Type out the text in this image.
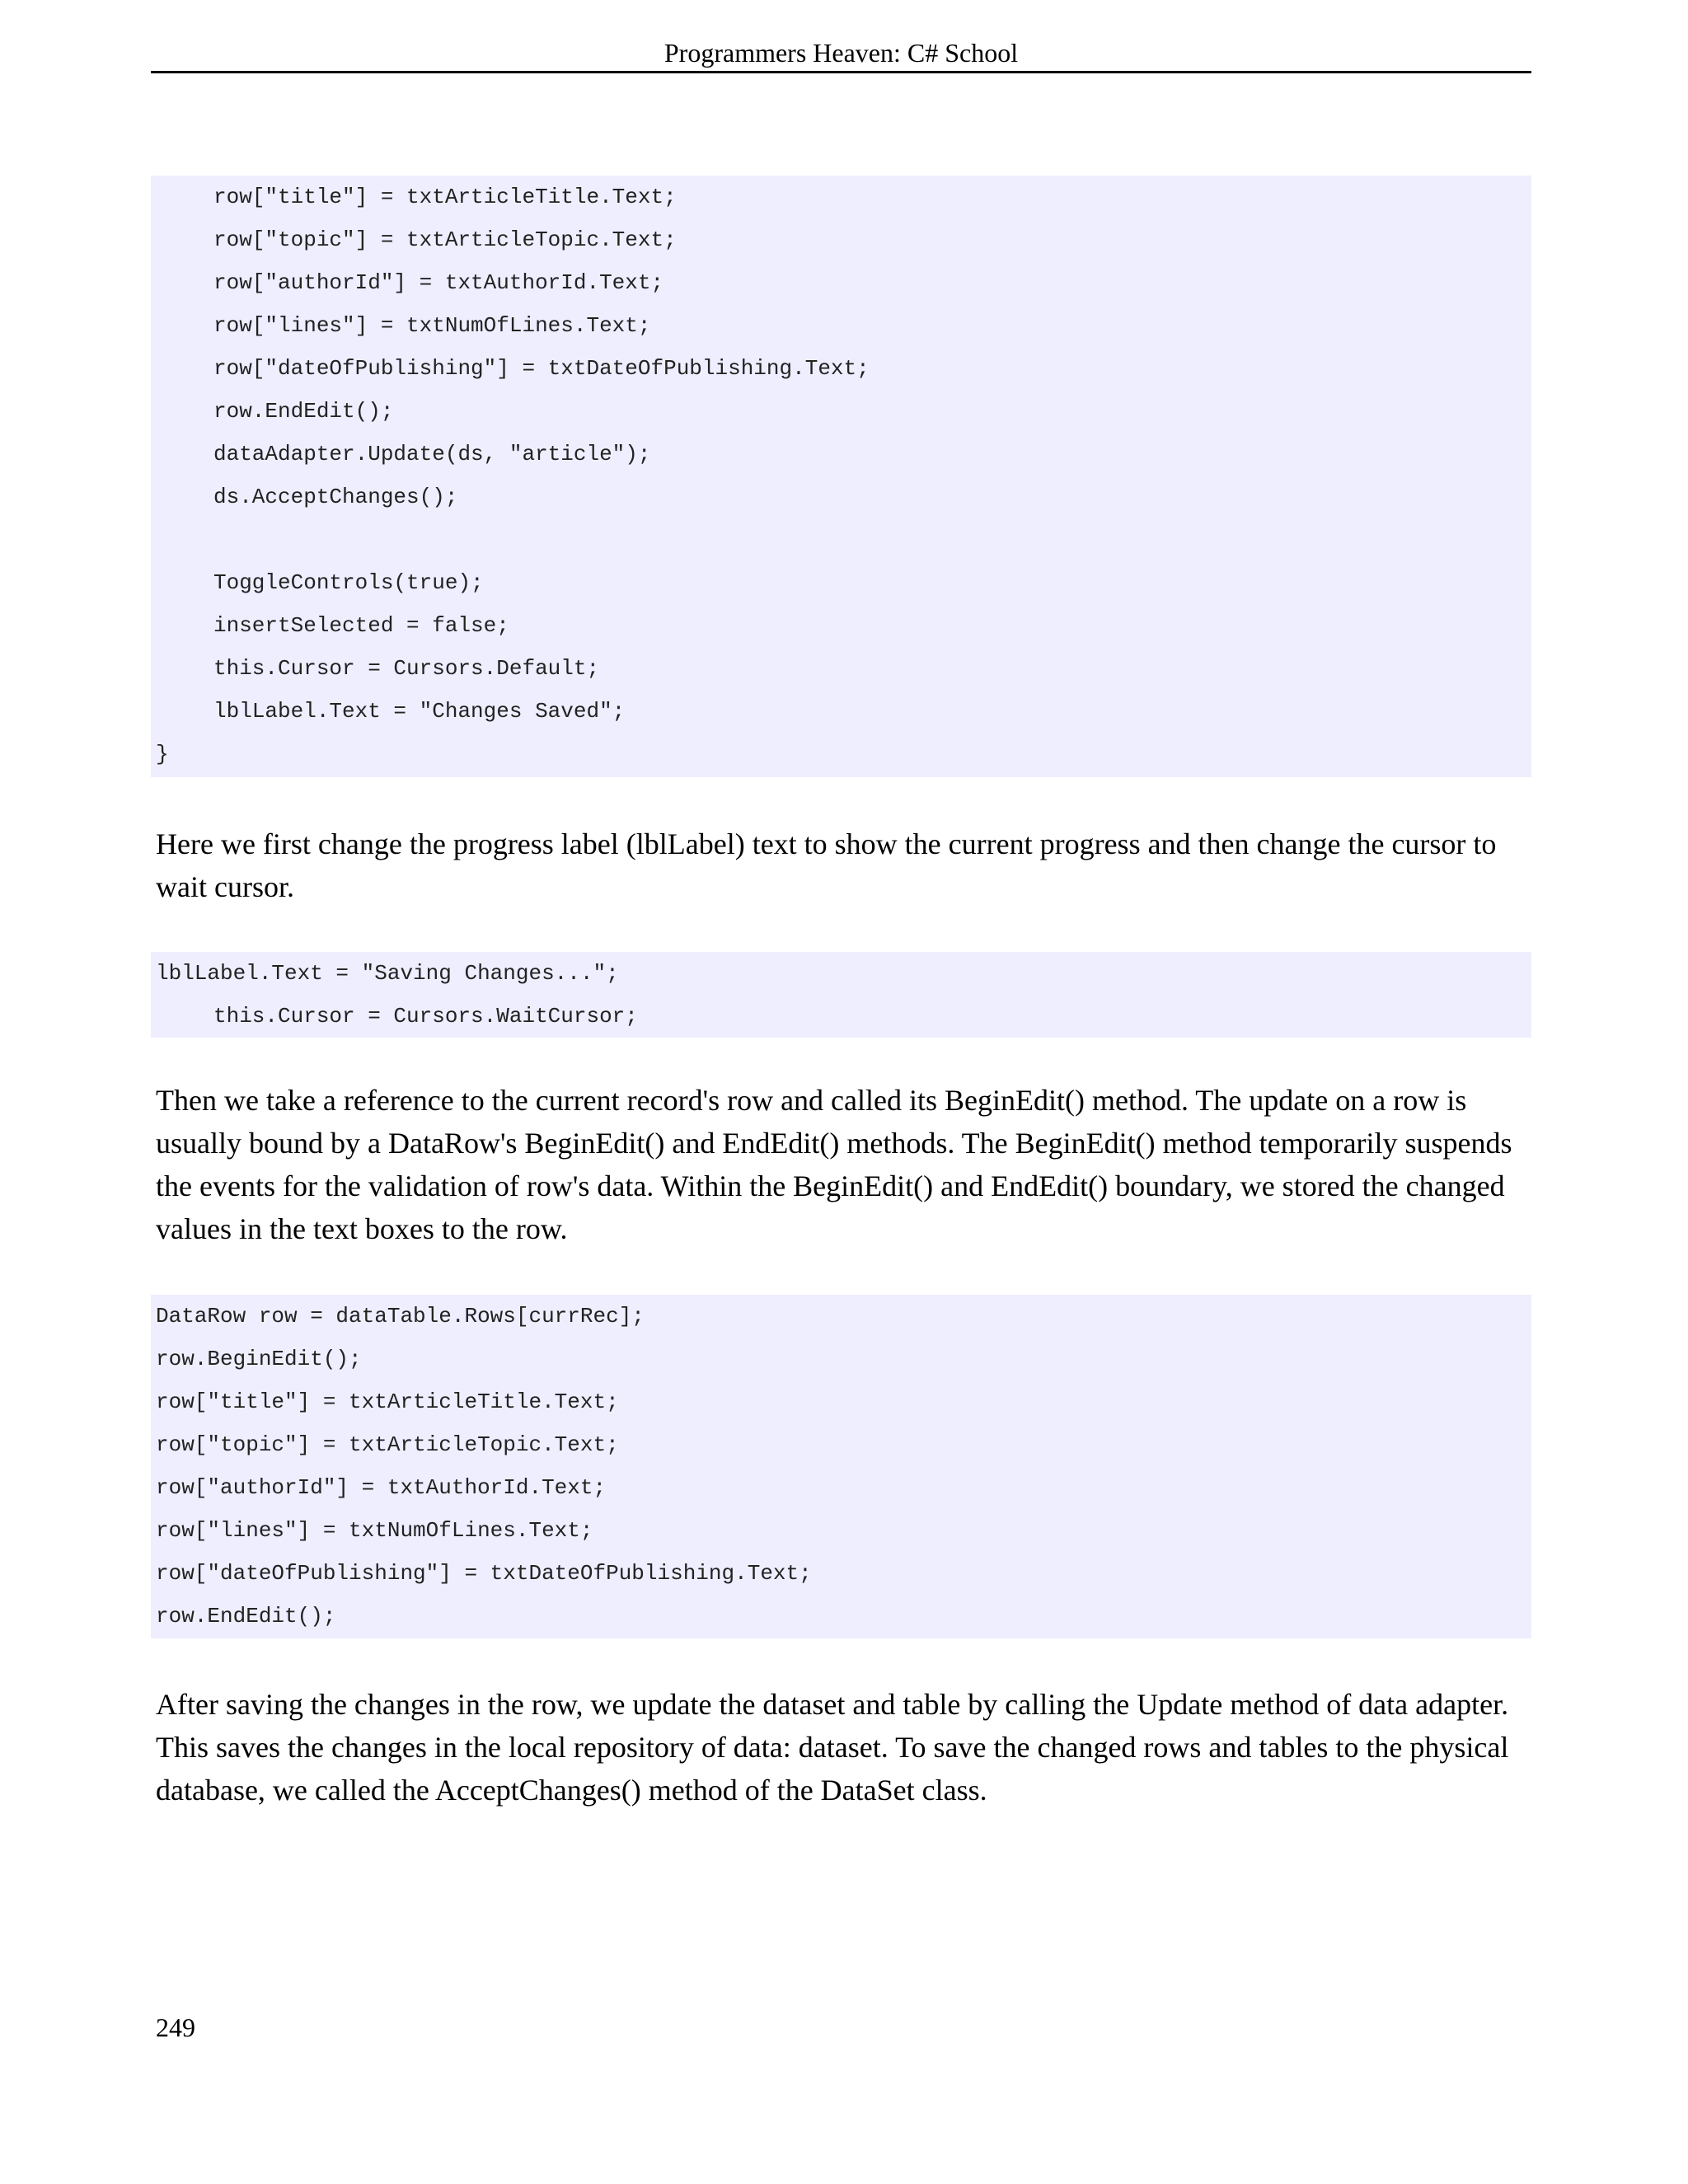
Programmers Heaven: C# School
row["title"] = txtArticleTitle.Text;
row["topic"] = txtArticleTopic.Text;
row["authorId"] = txtAuthorId.Text;
row["lines"] = txtNumOfLines.Text;
row["dateOfPublishing"] = txtDateOfPublishing.Text;
row.EndEdit();
dataAdapter.Update(ds, "article");
ds.AcceptChanges();
ToggleControls(true);
insertSelected = false;
this.Cursor = Cursors.Default;
lblLabel.Text = "Changes Saved";
}

Here we first change the progress label (lblLabel) text to show the current progress and then change the cursor to wait cursor.

lblLabel.Text = "Saving Changes...";
this.Cursor = Cursors.WaitCursor;

Then we take a reference to the current record's row and called its BeginEdit() method. The update on a row is usually bound by a DataRow's BeginEdit() and EndEdit() methods. The BeginEdit() method temporarily suspends the events for the validation of row's data. Within the BeginEdit() and EndEdit() boundary, we stored the changed values in the text boxes to the row.

DataRow row = dataTable.Rows[currRec];
row.BeginEdit();
row["title"] = txtArticleTitle.Text;
row["topic"] = txtArticleTopic.Text;
row["authorId"] = txtAuthorId.Text;
row["lines"] = txtNumOfLines.Text;
row["dateOfPublishing"] = txtDateOfPublishing.Text;
row.EndEdit();

After saving the changes in the row, we update the dataset and table by calling the Update method of data adapter. This saves the changes in the local repository of data: dataset. To save the changed rows and tables to the physical database, we called the AcceptChanges() method of the DataSet class.

249
